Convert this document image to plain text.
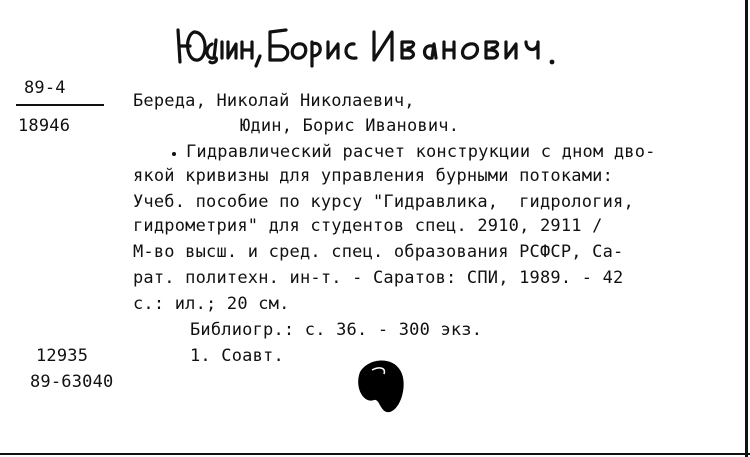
89-4
18946
Береда, Николай Николаевич,
Юдин, Борис Иванович.
Гидравлический расчет конструкции с дном дво-
якой кривизны для управления бурными потоками:
Учеб. пособие по курсу "Гидравлика,  гидрология,
гидрометрия" для студентов спец. 2910, 2911 /
М-во высш. и сред. спец. образования РСФСР, Са-
рат. политехн. ин-т. - Саратов: СПИ, 1989. - 42
с.: ил.; 20 см.
Библиогр.: с. 36. - 300 экз.
1. Соавт.
12935
89-63040
